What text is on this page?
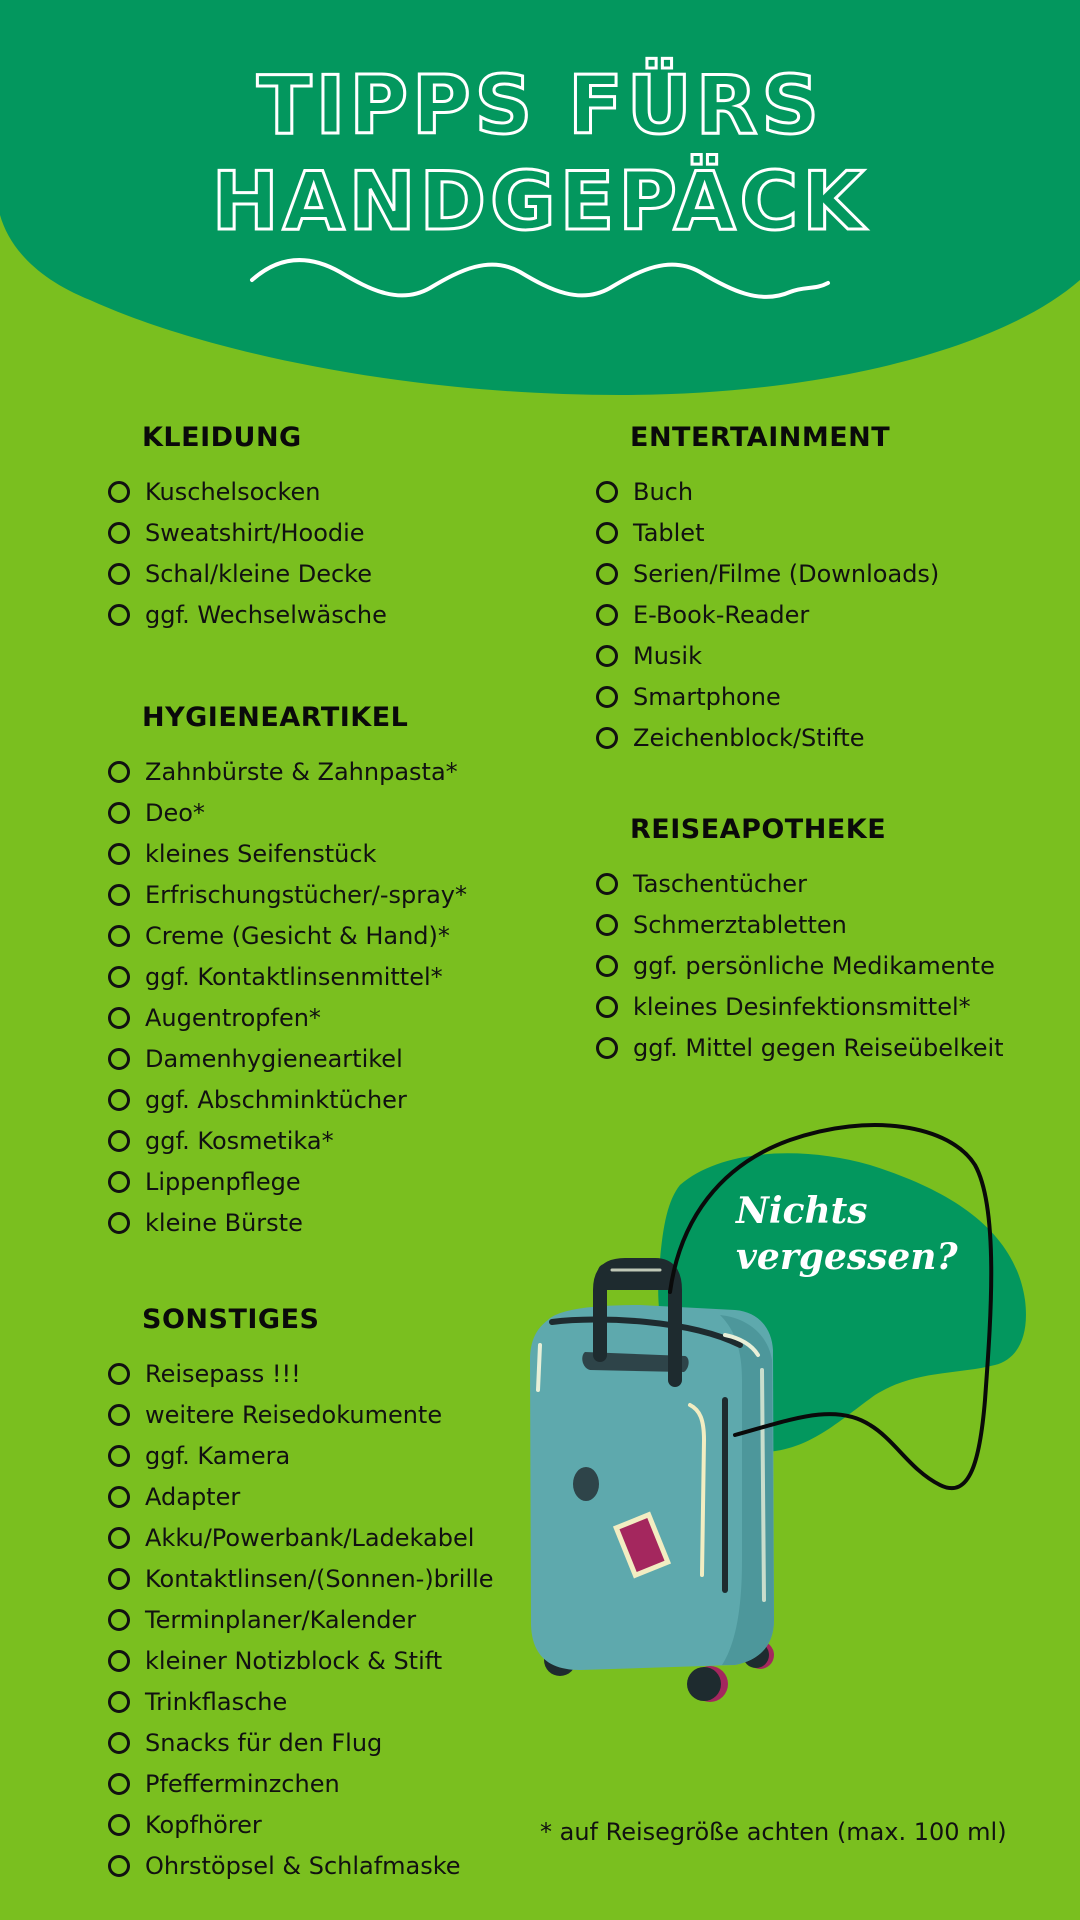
TIPPS FÜRS
HANDGEPÄCK
KLEIDUNG
Kuschelsocken
Sweatshirt/Hoodie
Schal/kleine Decke
ggf. Wechselwäsche
HYGIENEARTIKEL
Zahnbürste & Zahnpasta*
Deo*
kleines Seifenstück
Erfrischungstücher/-spray*
Creme (Gesicht & Hand)*
ggf. Kontaktlinsenmittel*
Augentropfen*
Damenhygieneartikel
ggf. Abschminktücher
ggf. Kosmetika*
Lippenpflege
kleine Bürste
SONSTIGES
Reisepass !!!
weitere Reisedokumente
ggf. Kamera
Adapter
Akku/Powerbank/Ladekabel
Kontaktlinsen/(Sonnen-)brille
Terminplaner/Kalender
kleiner Notizblock & Stift
Trinkflasche
Snacks für den Flug
Pfefferminzchen
Kopfhörer
Ohrstöpsel & Schlafmaske
ENTERTAINMENT
Buch
Tablet
Serien/Filme (Downloads)
E-Book-Reader
Musik
Smartphone
Zeichenblock/Stifte
REISEAPOTHEKE
Taschentücher
Schmerztabletten
ggf. persönliche Medikamente
kleines Desinfektionsmittel*
ggf. Mittel gegen Reiseübelkeit
Nichts
vergessen?
* auf Reisegröße achten (max. 100 ml)
